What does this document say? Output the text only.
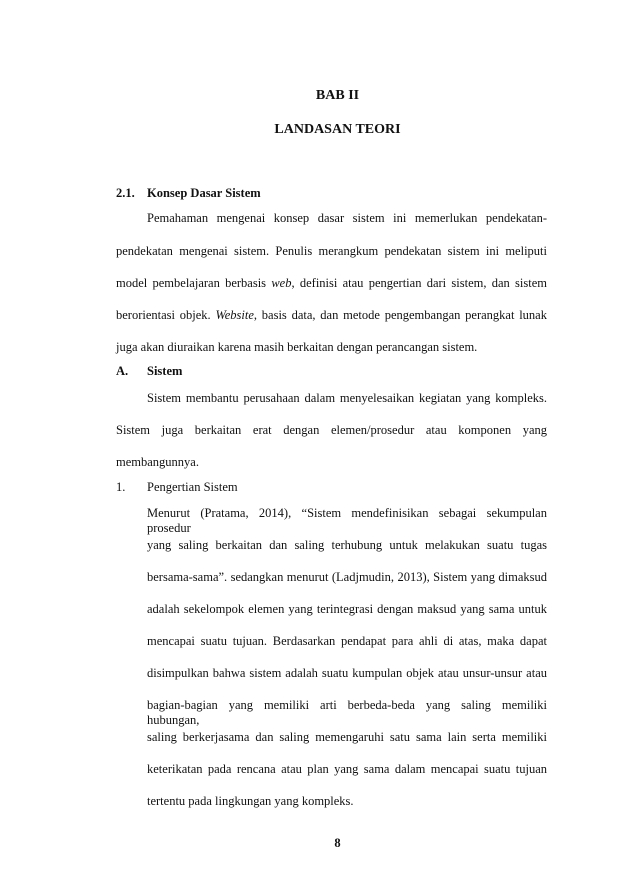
BAB II
LANDASAN TEORI
2.1. Konsep Dasar Sistem
Pemahaman mengenai konsep dasar sistem ini memerlukan pendekatan-
pendekatan mengenai sistem. Penulis merangkum pendekatan sistem ini meliputi
model pembelajaran berbasis web, definisi atau pengertian dari sistem, dan sistem
berorientasi objek. Website, basis data, dan metode pengembangan perangkat lunak
juga akan diuraikan karena masih berkaitan dengan perancangan sistem.
A. Sistem
Sistem membantu perusahaan dalam menyelesaikan kegiatan yang kompleks.
Sistem juga berkaitan erat dengan elemen/prosedur atau komponen yang
membangunnya.
1. Pengertian Sistem
Menurut (Pratama, 2014), “Sistem mendefinisikan sebagai sekumpulan prosedur
yang saling berkaitan dan saling terhubung untuk melakukan suatu tugas
bersama-sama”. sedangkan menurut (Ladjmudin, 2013), Sistem yang dimaksud
adalah sekelompok elemen yang terintegrasi dengan maksud yang sama untuk
mencapai suatu tujuan. Berdasarkan pendapat para ahli di atas, maka dapat
disimpulkan bahwa sistem adalah suatu kumpulan objek atau unsur-unsur atau
bagian-bagian yang memiliki arti berbeda-beda yang saling memiliki hubungan,
saling berkerjasama dan saling memengaruhi satu sama lain serta memiliki
keterikatan pada rencana atau plan yang sama dalam mencapai suatu tujuan
tertentu pada lingkungan yang kompleks.
8
